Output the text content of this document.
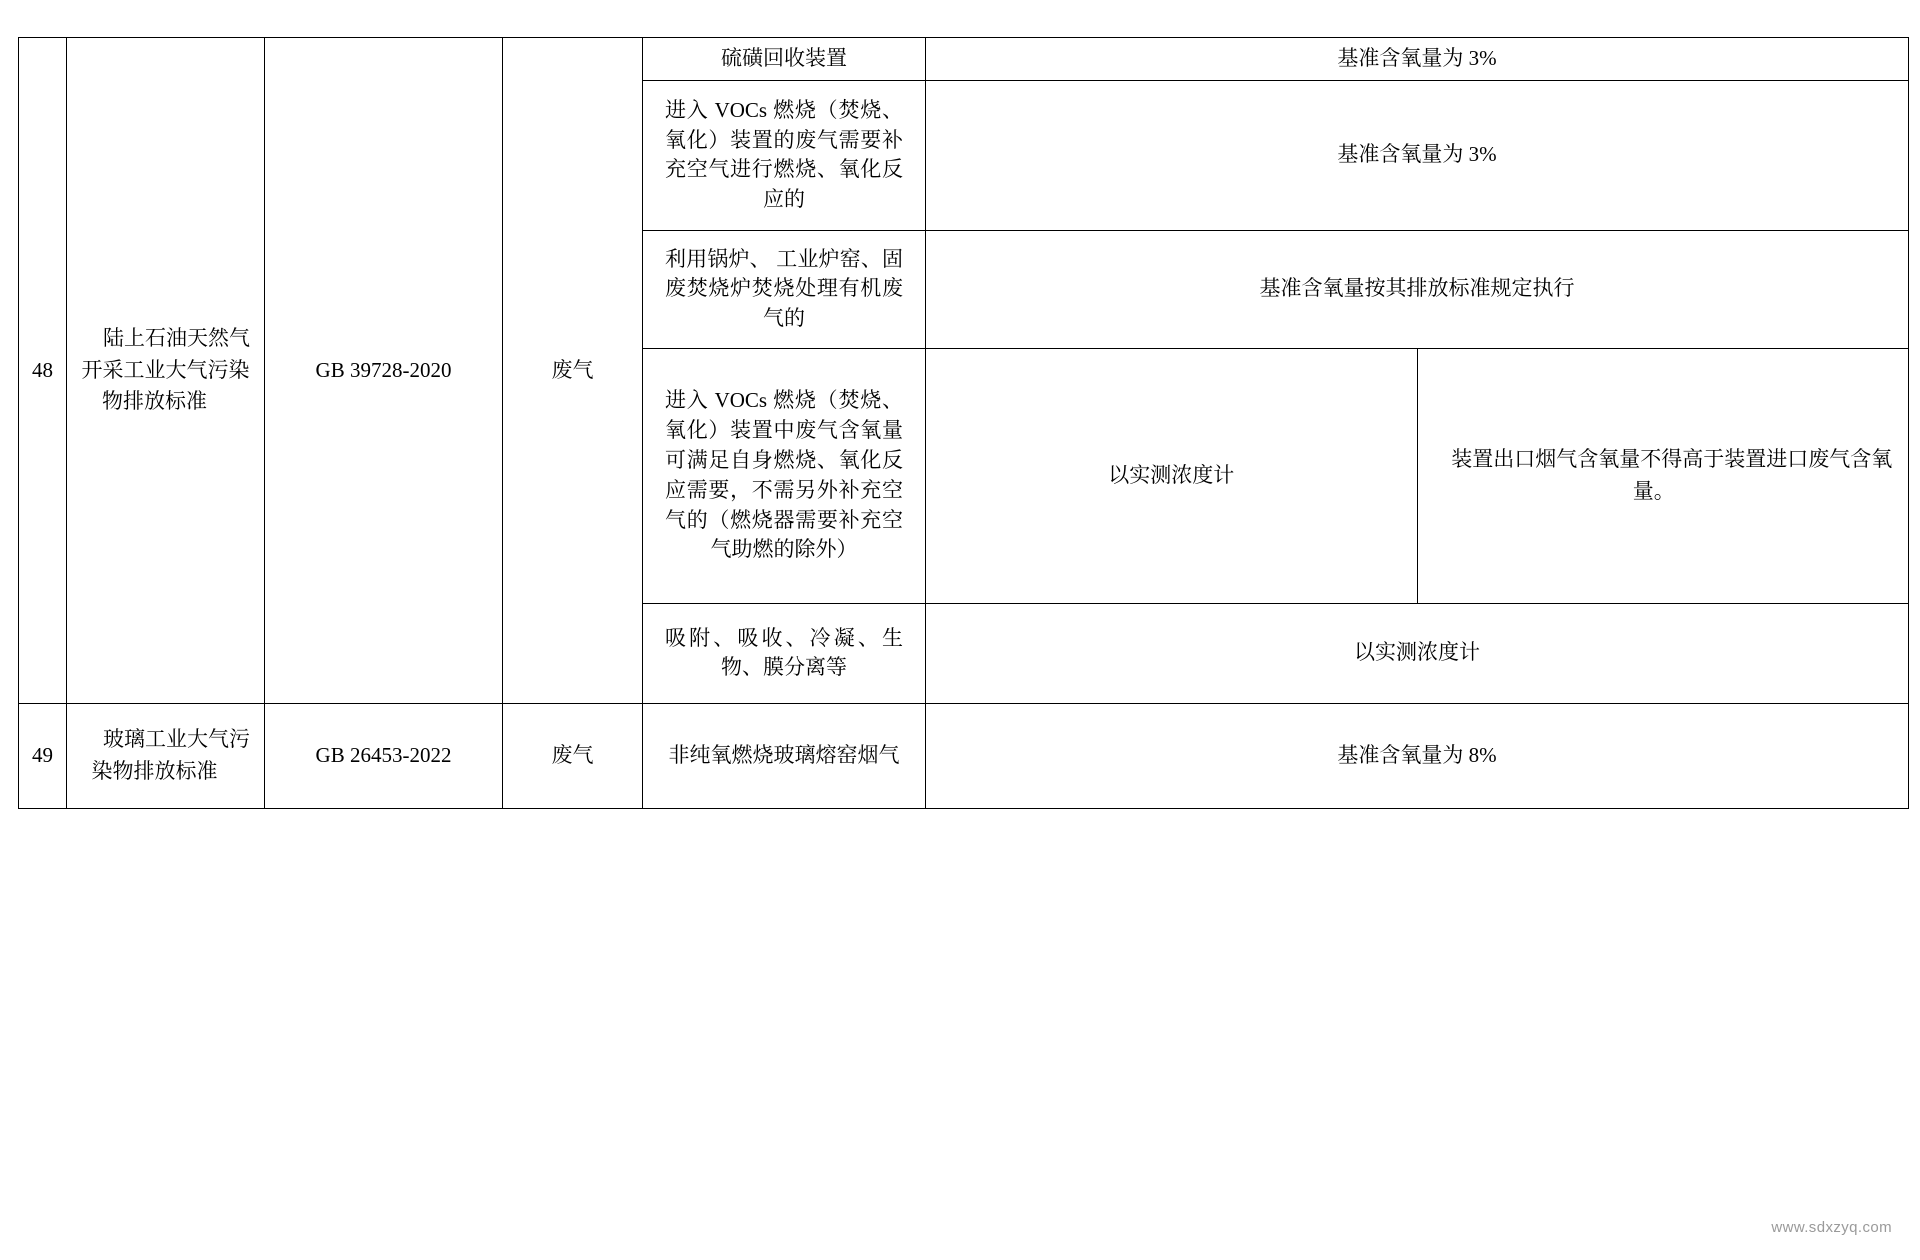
48	陆上石油天然气开采工业大气污染物排放标准	GB 39728-2020	废气	硫磺回收装置	基准含氧量为 3%	

				进入 VOCs 燃烧（焚烧、氧化）装置的废气需要补充空气进行燃烧、氧化反应的	基准含氧量为 3%	

				利用锅炉、 工业炉窑、固废焚烧炉焚烧处理有机废气的	基准含氧量按其排放标准规定执行	

				进入 VOCs 燃烧（焚烧、氧化）装置中废气含氧量可满足自身燃烧、氧化反应需要，不需另外补充空气的（燃烧器需要补充空气助燃的除外）	以实测浓度计	装置出口烟气含氧量不得高于装置进口废气含氧量。

				吸附、吸收、冷凝、生物、膜分离等	以实测浓度计	
49	玻璃工业大气污染物排放标准	GB 26453-2022	废气	非纯氧燃烧玻璃熔窑烟气	基准含氧量为 8%	
www.sdxzyq.com
